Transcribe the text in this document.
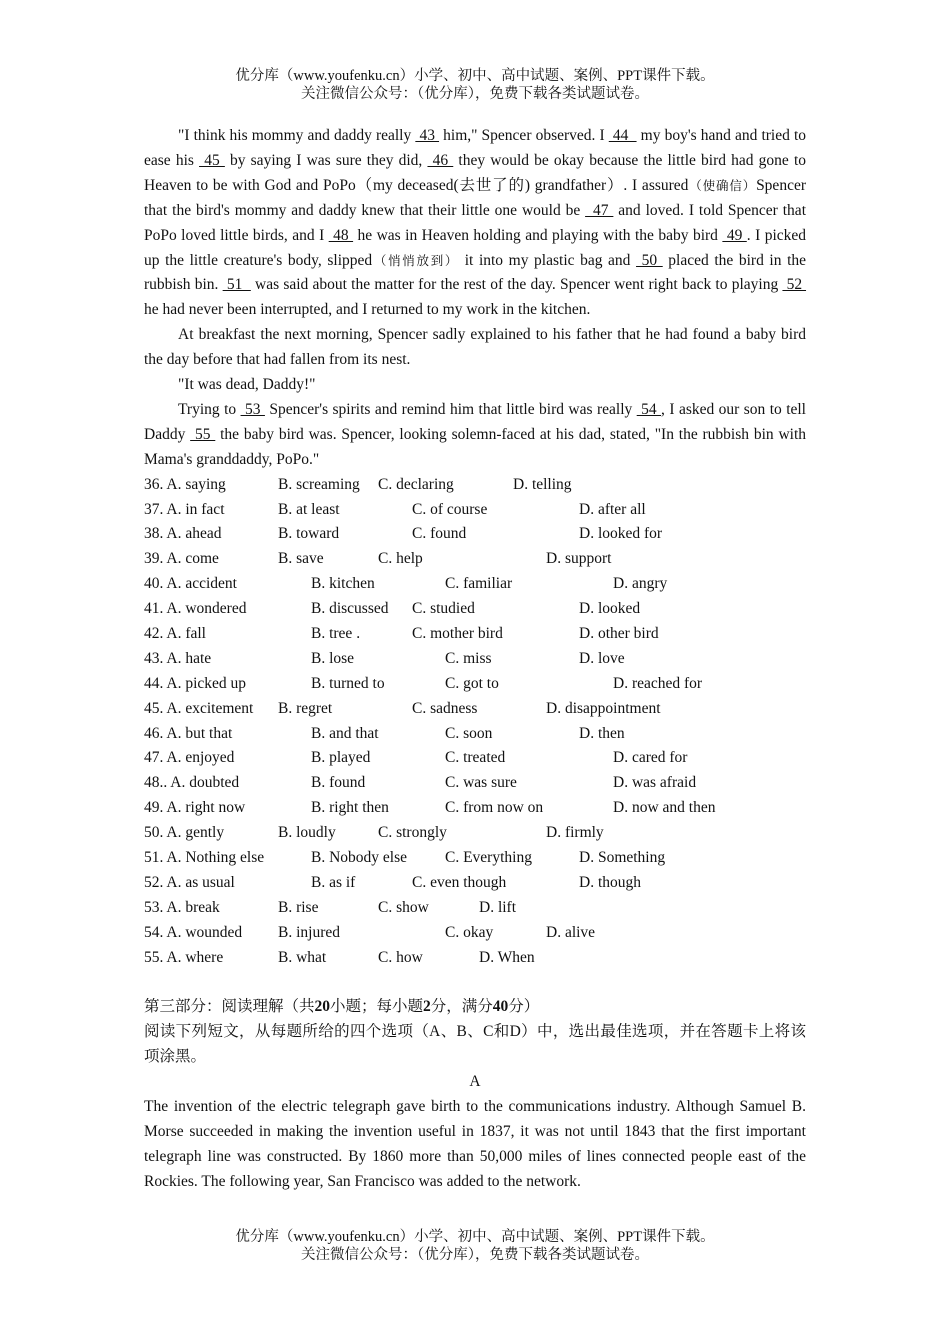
优分库（www.youfenku.cn）小学、初中、高中试题、案例、PPT课件下载。
关注微信公众号：（优分库），免费下载各类试题试卷。
"I think his mommy and daddy really  43  him," Spencer observed. I  44   my boy's hand and tried to ease his  45  by saying I was sure they did,  46  they would be okay because the little bird had gone to Heaven to be with God and PoPo（my deceased(去世了的) grandfather）. I assured（使确信）Spencer that the bird's mommy and daddy knew that their little one would be _47  and loved. I told Spencer that PoPo loved little birds, and I  48  he was in Heaven holding and playing with the baby bird  49 . I picked up the little creature's body, slipped（悄悄放到） it into my plastic bag and  50  placed the bird in the rubbish bin.  51   was said about the matter for the rest of the day. Spencer went right back to playing  52  he had never been interrupted, and I returned to my work in the kitchen.
At breakfast the next morning, Spencer sadly explained to his father that he had found a baby bird the day before that had fallen from its nest.
"It was dead, Daddy!"
Trying to  53  Spencer's spirits and remind him that little bird was really  54 , I asked our son to tell Daddy  55  the baby bird was. Spencer, looking solemn-faced at his dad, stated, "In the rubbish bin with Mama's granddaddy, PoPo."
36. A. saying	B. screaming C. declaring	D. telling
37. A. in fact	B. at least	C. of course	D. after all
38. A. ahead	B. toward	C. found	D. looked for
39. A. come	B. save	C. help	D. support
40. A. accident	B. kitchen	C. familiar	D. angry
41. A. wondered	B. discussed C. studied	D. looked
42. A. fall	B. tree .	C. mother bird	D. other bird
43. A. hate	B. lose	C. miss	D. love
44. A. picked up	B. turned to	C. got to	D. reached for
45. A. excitement B. regret	C. sadness	D. disappointment
46. A. but that	B. and that	C. soon	D. then
47. A. enjoyed	B. played	C. treated	D. cared for
48.. A. doubted	B. found	C. was sure	D. was afraid
49. A. right now	B. right then	C. from now on	D. now and then
50. A. gently	B. loudly	C. strongly	D. firmly
51. A. Nothing else	B. Nobody else C. Everything	D. Something
52. A. as usual	B. as if	C. even though	D. though
53. A. break	B. rise	C. show	D. lift
54. A. wounded B. injured	C. okay	D. alive
55. A. where	B. what	C. how	D. When
第三部分：阅读理解（共20小题；每小题2分，满分40分）
阅读下列短文，从每题所给的四个选项（A、B、C和D）中，选出最佳选项，并在答题卡上将该项涂黑。
A
The invention of the electric telegraph gave birth to the communications industry. Although Samuel B. Morse succeeded in making the invention useful in 1837, it was not until 1843 that the first important telegraph line was constructed. By 1860 more than 50,000 miles of lines connected people east of the Rockies. The following year, San Francisco was added to the network.
优分库（www.youfenku.cn）小学、初中、高中试题、案例、PPT课件下载。
关注微信公众号：（优分库），免费下载各类试题试卷。
